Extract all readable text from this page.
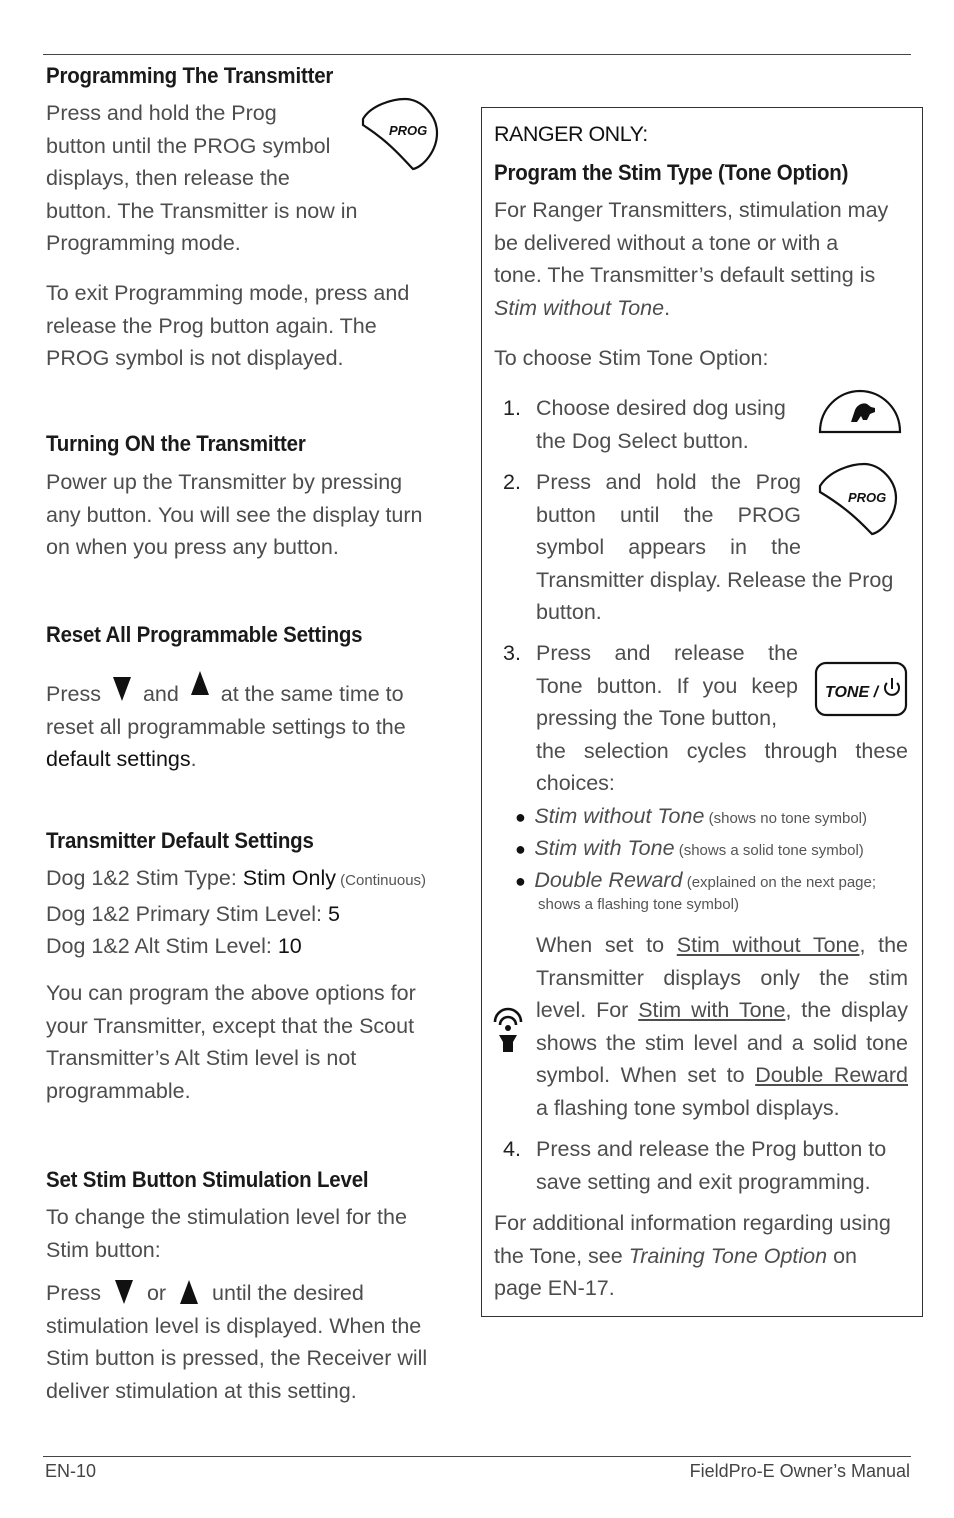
Programming The Transmitter
Press and hold the Prog
button until the PROG symbol
displays, then release the
button. The Transmitter is now in
Programming mode.
PROG
To exit Programming mode, press and
release the Prog button again. The
PROG symbol is not displayed.
Turning ON the Transmitter
Power up the Transmitter by pressing
any button. You will see the display turn
on when you press any button.
Reset All Programmable Settings
Press and at the same time to
reset all programmable settings to the
default settings.
Transmitter Default Settings
Dog 1&2 Stim Type: Stim Only (Continuous)
Dog 1&2 Primary Stim Level: 5
Dog 1&2 Alt Stim Level: 10
You can program the above options for
your Transmitter, except that the Scout
Transmitter’s Alt Stim level is not
programmable.
Set Stim Button Stimulation Level
To change the stimulation level for the
Stim button:
Press or until the desired
stimulation level is displayed. When the
Stim button is pressed, the Receiver will
deliver stimulation at this setting.
RANGER ONLY:
Program the Stim Type (Tone Option)
For Ranger Transmitters, stimulation may
be delivered without a tone or with a
tone. The Transmitter’s default setting is
Stim without Tone.
To choose Stim Tone Option:
1. Choose desired dog using
the Dog Select button.
2. Press and hold the Prog
button until the PROG
symbol appears in the
Transmitter display. Release the Prog
button.
PROG
3. Press and release the
Tone button. If you keep
pressing the Tone button,
the selection cycles through these
choices:
TONE /
● Stim without Tone (shows no tone symbol)
● Stim with Tone (shows a solid tone symbol)
● Double Reward (explained on the next page;
shows a flashing tone symbol)
When set to Stim without Tone, the
Transmitter displays only the stim
level. For Stim with Tone, the display
shows the stim level and a solid tone
symbol. When set to Double Reward
a flashing tone symbol displays.
4. Press and release the Prog button to
save setting and exit programming.
For additional information regarding using
the Tone, see Training Tone Option on
page EN-17.
EN-10	FieldPro-E Owner’s Manual
